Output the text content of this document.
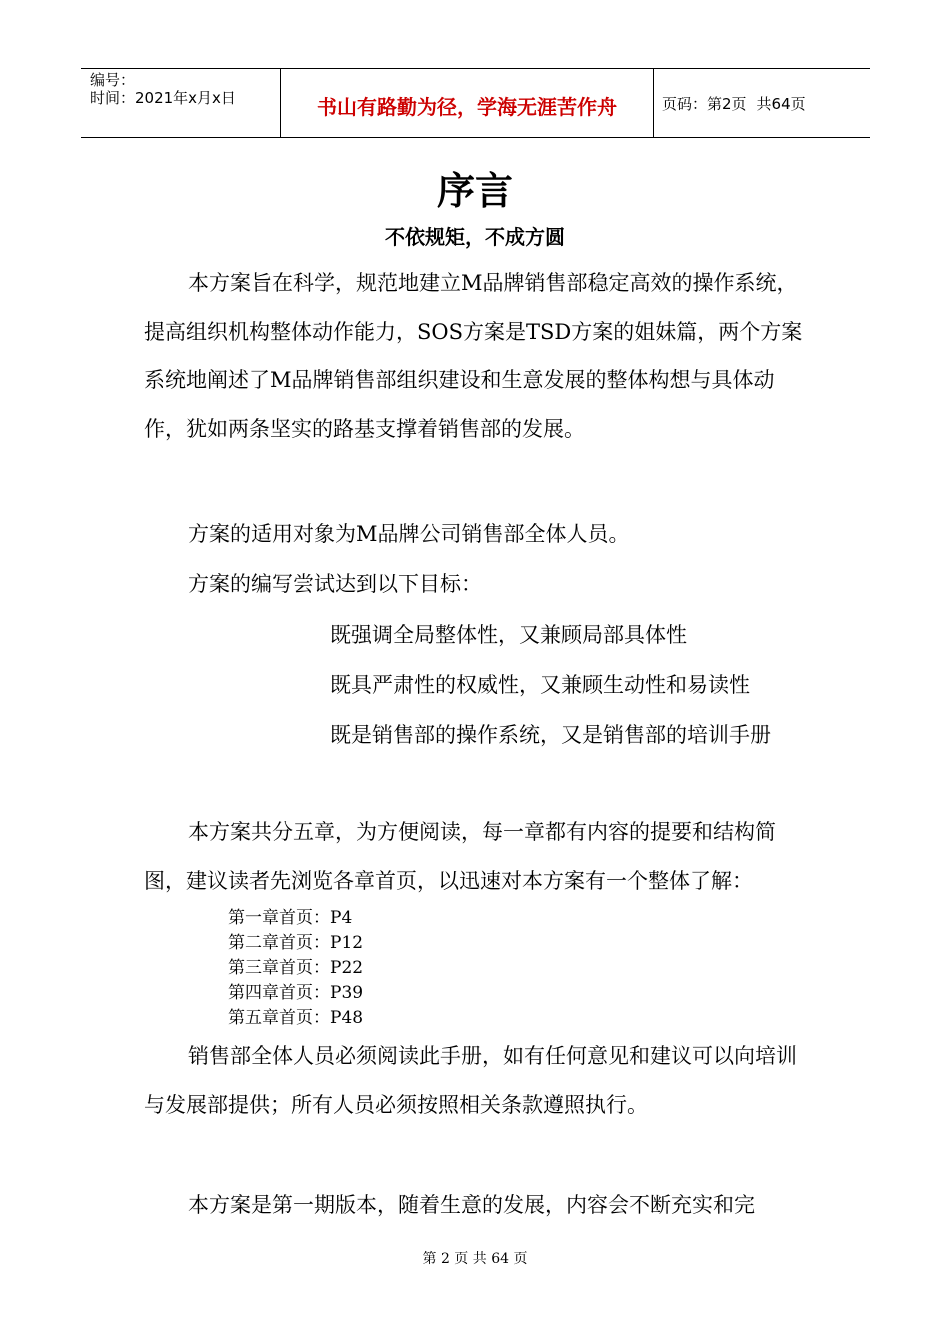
编号：
时间：2021年x月x日	书山有路勤为径，学海无涯苦作舟	页码：第2页 共64页
序言
不依规矩，不成方圆
本方案旨在科学，规范地建立M品牌销售部稳定高效的操作系统，提高组织机构整体动作能力，SOS方案是TSD方案的姐妹篇，两个方案系统地阐述了M品牌销售部组织建设和生意发展的整体构想与具体动作，犹如两条坚实的路基支撑着销售部的发展。
方案的适用对象为M品牌公司销售部全体人员。
方案的编写尝试达到以下目标：
既强调全局整体性，又兼顾局部具体性
既具严肃性的权威性，又兼顾生动性和易读性
既是销售部的操作系统，又是销售部的培训手册
本方案共分五章，为方便阅读，每一章都有内容的提要和结构简图，建议读者先浏览各章首页，以迅速对本方案有一个整体了解：
第一章首页：P4
第二章首页：P12
第三章首页：P22
第四章首页：P39
第五章首页：P48
销售部全体人员必须阅读此手册，如有任何意见和建议可以向培训与发展部提供；所有人员必须按照相关条款遵照执行。
本方案是第一期版本，随着生意的发展，内容会不断充实和完
第 2 页 共 64 页
